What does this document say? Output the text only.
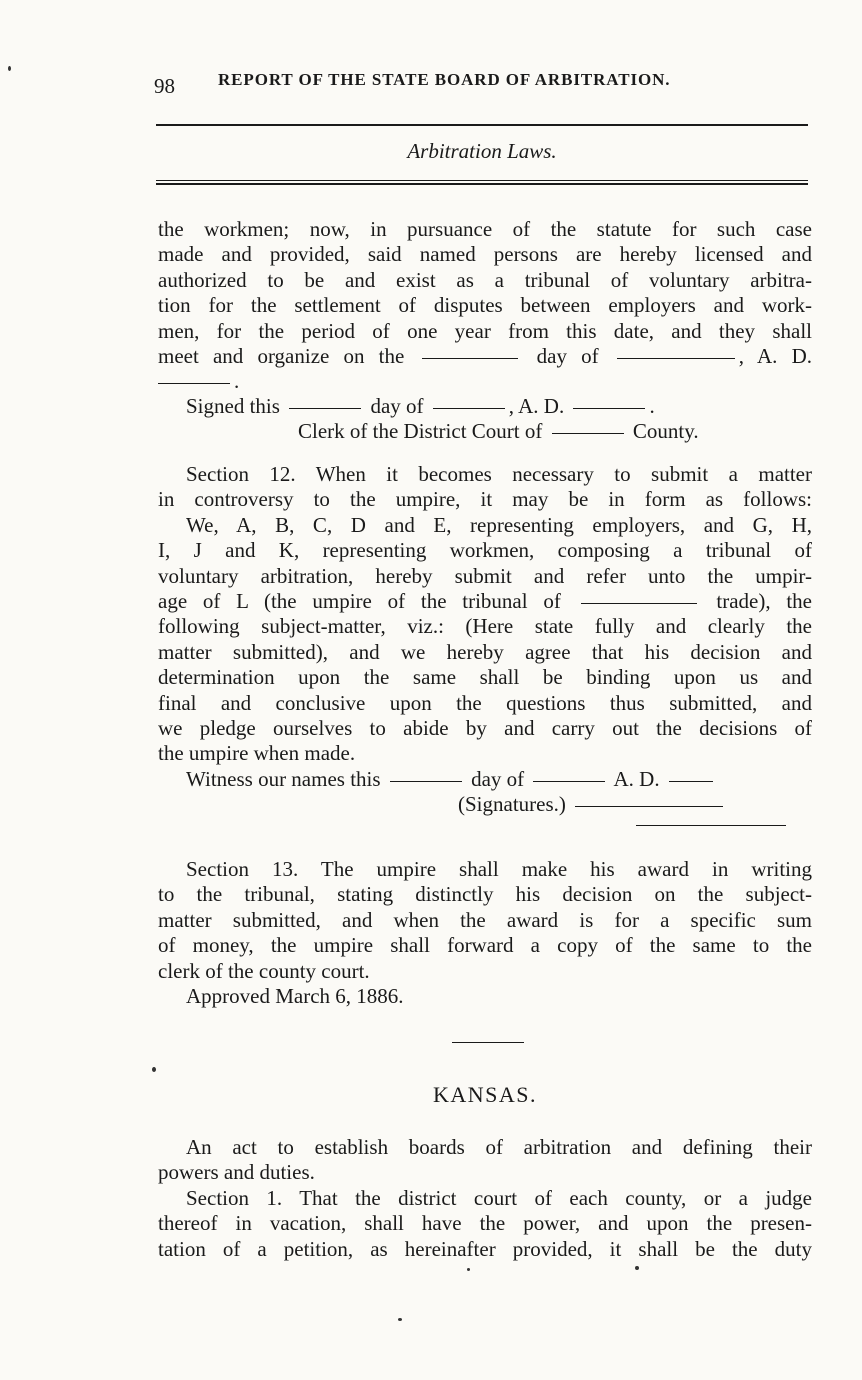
98	REPORT OF THE STATE BOARD OF ARBITRATION.
Arbitration Laws.
the workmen; now, in pursuance of the statute for such case
made and provided, said named persons are hereby licensed and
authorized to be and exist as a tribunal of voluntary arbitra-
tion for the settlement of disputes between employers and work-
men, for the period of one year from this date, and they shall
meet and organize on the	day of	, A. D.
.
Signed this	day of	, A. D.	.
Clerk of the District Court of	County.
Section 12. When it becomes necessary to submit a matter
in controversy to the umpire, it may be in form as follows:
We, A, B, C, D and E, representing employers, and G, H,
I, J and K, representing workmen, composing a tribunal of
voluntary arbitration, hereby submit and refer unto the umpir-
age of L (the umpire of the tribunal of	trade), the
following subject-matter, viz.: (Here state fully and clearly the
matter submitted), and we hereby agree that his decision and
determination upon the same shall be binding upon us and
final and conclusive upon the questions thus submitted, and
we pledge ourselves to abide by and carry out the decisions of
the umpire when made.
Witness our names this	day of	A. D.
(Signatures.)
Section 13. The umpire shall make his award in writing
to the tribunal, stating distinctly his decision on the subject-
matter submitted, and when the award is for a specific sum
of money, the umpire shall forward a copy of the same to the
clerk of the county court.
Approved March 6, 1886.
KANSAS.
An act to establish boards of arbitration and defining their
powers and duties.
Section 1. That the district court of each county, or a judge
thereof in vacation, shall have the power, and upon the presen-
tation of a petition, as hereinafter provided, it shall be the duty
